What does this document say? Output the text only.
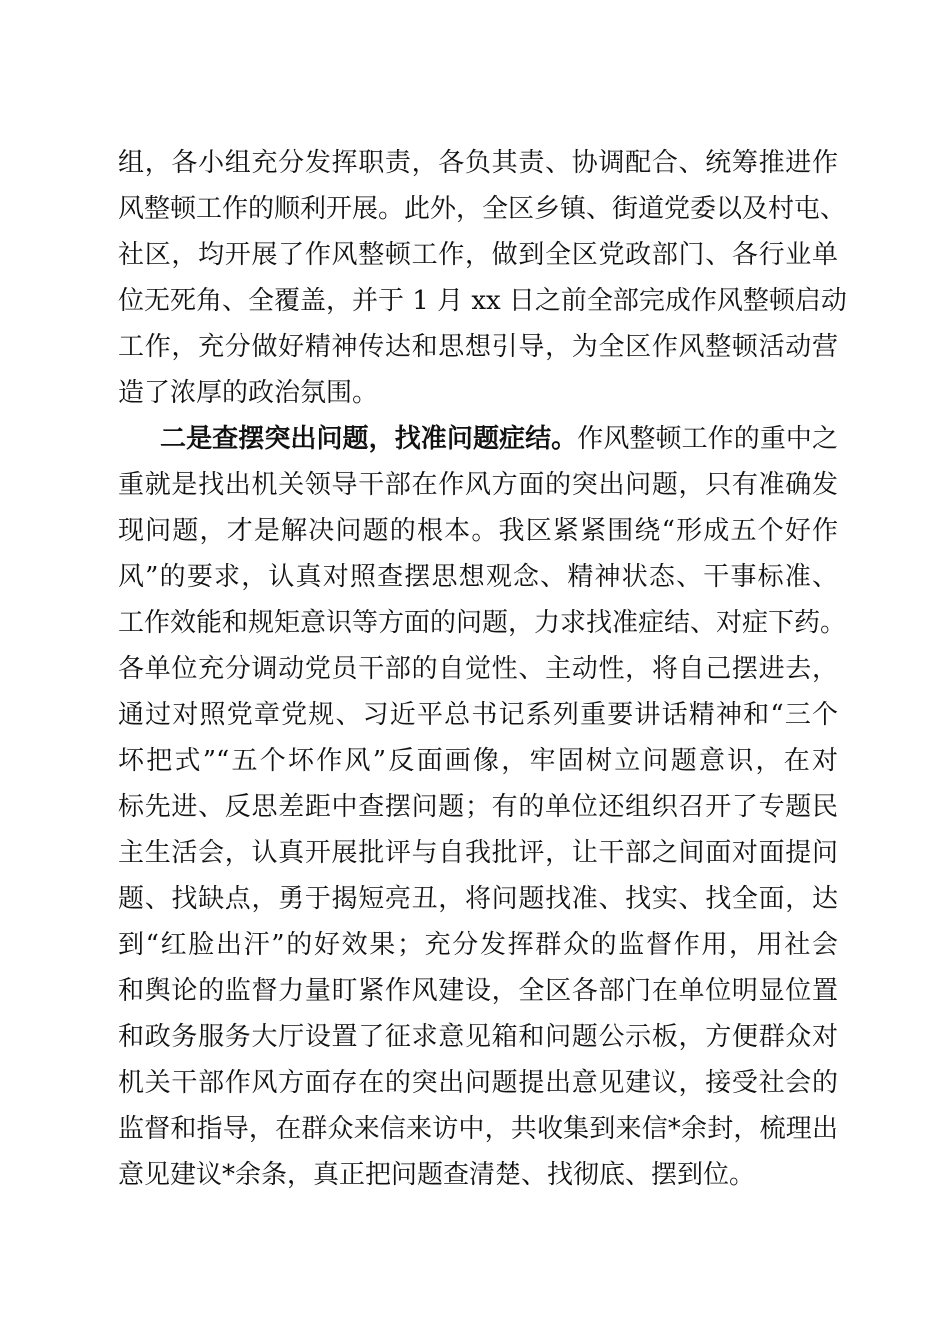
组，各小组充分发挥职责，各负其责、协调配合、统筹推进作
风整顿工作的顺利开展。此外，全区乡镇、街道党委以及村屯、
社区，均开展了作风整顿工作，做到全区党政部门、各行业单
位无死角、全覆盖，并于 1 月 xx 日之前全部完成作风整顿启动
工作，充分做好精神传达和思想引导，为全区作风整顿活动营
造了浓厚的政治氛围。
二是查摆突出问题，找准问题症结。作风整顿工作的重中之
重就是找出机关领导干部在作风方面的突出问题，只有准确发
现问题，才是解决问题的根本。我区紧紧围绕“形成五个好作
风”的要求，认真对照查摆思想观念、精神状态、干事标准、
工作效能和规矩意识等方面的问题，力求找准症结、对症下药。
各单位充分调动党员干部的自觉性、主动性，将自己摆进去，
通过对照党章党规、习近平总书记系列重要讲话精神和“三个
坏把式”“五个坏作风”反面画像，牢固树立问题意识，在对
标先进、反思差距中查摆问题；有的单位还组织召开了专题民
主生活会，认真开展批评与自我批评，让干部之间面对面提问
题、找缺点，勇于揭短亮丑，将问题找准、找实、找全面，达
到“红脸出汗”的好效果；充分发挥群众的监督作用，用社会
和舆论的监督力量盯紧作风建设，全区各部门在单位明显位置
和政务服务大厅设置了征求意见箱和问题公示板，方便群众对
机关干部作风方面存在的突出问题提出意见建议，接受社会的
监督和指导，在群众来信来访中，共收集到来信*余封，梳理出
意见建议*余条，真正把问题查清楚、找彻底、摆到位。
